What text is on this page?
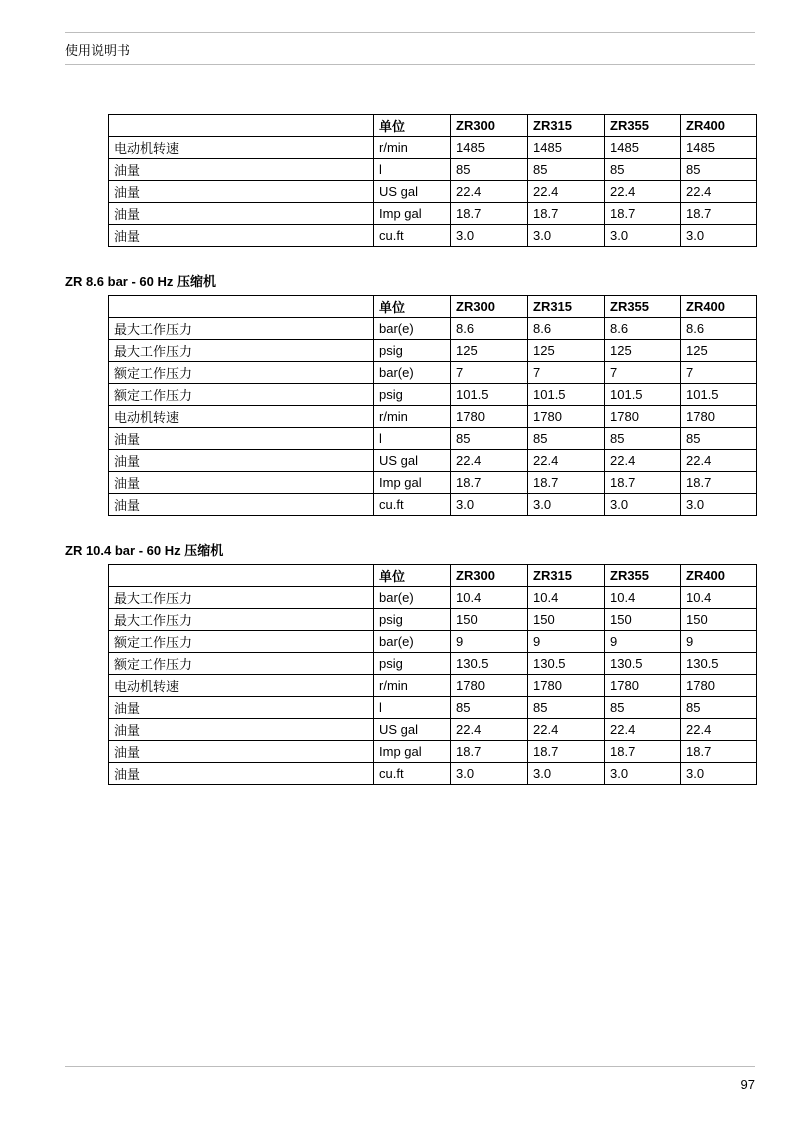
使用说明书
	单位	ZR300	ZR315	ZR355	ZR400
电动机转速	r/min	1485	1485	1485	1485
油量	l	85	85	85	85
油量	US gal	22.4	22.4	22.4	22.4
油量	Imp gal	18.7	18.7	18.7	18.7
油量	cu.ft	3.0	3.0	3.0	3.0
ZR 8.6 bar - 60 Hz 压缩机
	单位	ZR300	ZR315	ZR355	ZR400
最大工作压力	bar(e)	8.6	8.6	8.6	8.6
最大工作压力	psig	125	125	125	125
额定工作压力	bar(e)	7	7	7	7
额定工作压力	psig	101.5	101.5	101.5	101.5
电动机转速	r/min	1780	1780	1780	1780
油量	l	85	85	85	85
油量	US gal	22.4	22.4	22.4	22.4
油量	Imp gal	18.7	18.7	18.7	18.7
油量	cu.ft	3.0	3.0	3.0	3.0
ZR 10.4 bar - 60 Hz 压缩机
	单位	ZR300	ZR315	ZR355	ZR400
最大工作压力	bar(e)	10.4	10.4	10.4	10.4
最大工作压力	psig	150	150	150	150
额定工作压力	bar(e)	9	9	9	9
额定工作压力	psig	130.5	130.5	130.5	130.5
电动机转速	r/min	1780	1780	1780	1780
油量	l	85	85	85	85
油量	US gal	22.4	22.4	22.4	22.4
油量	Imp gal	18.7	18.7	18.7	18.7
油量	cu.ft	3.0	3.0	3.0	3.0
97
